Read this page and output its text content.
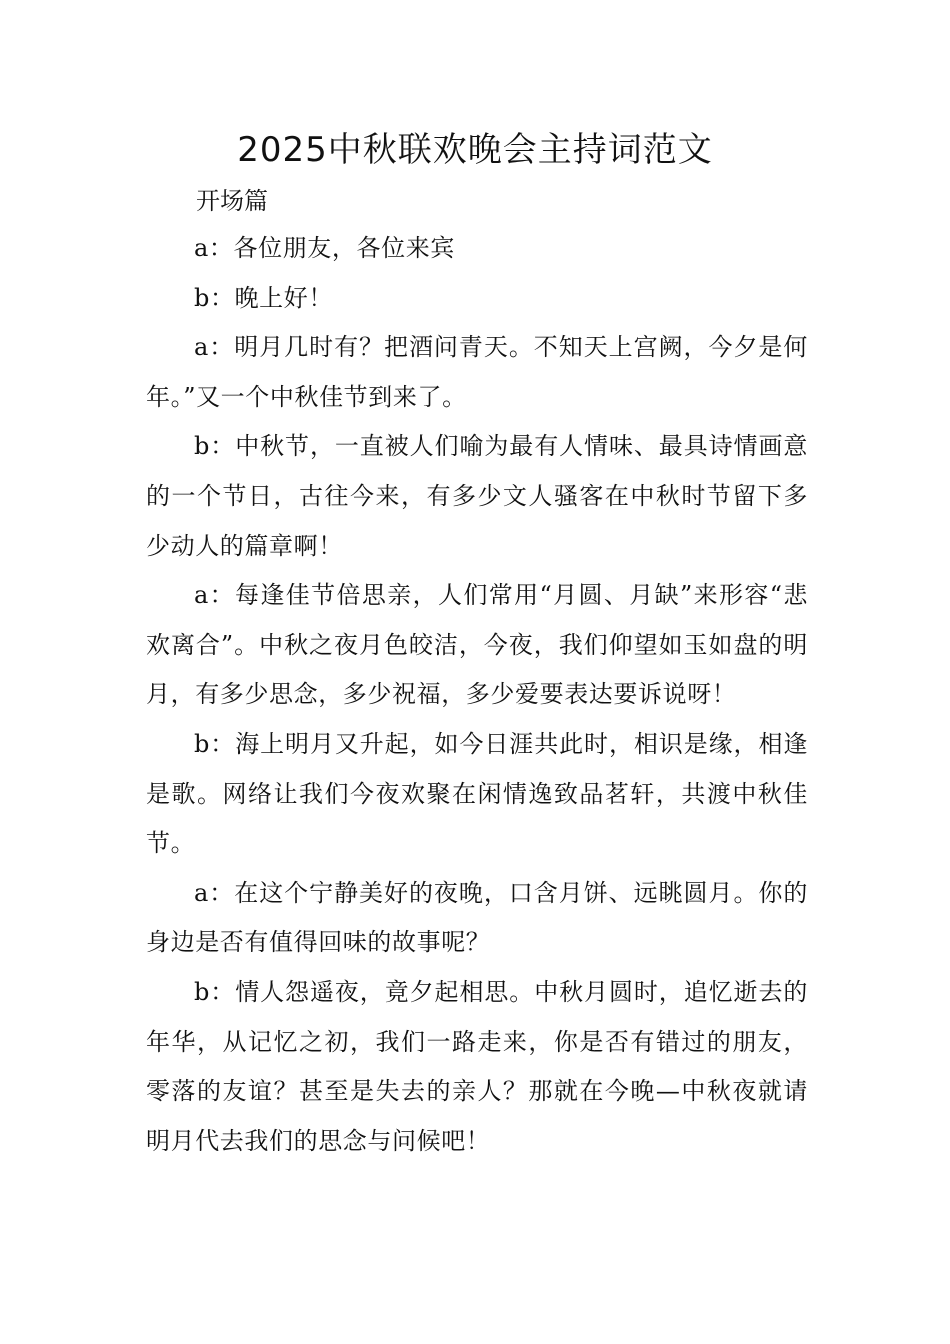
2025中秋联欢晚会主持词范文
开场篇

a：各位朋友，各位来宾

b：晚上好！

a：明月几时有？把酒问青天。不知天上宫阙，今夕是何年。”又一个中秋佳节到来了。

b：中秋节，一直被人们喻为最有人情味、最具诗情画意的一个节日，古往今来，有多少文人骚客在中秋时节留下多少动人的篇章啊！

a：每逢佳节倍思亲，人们常用“月圆、月缺”来形容“悲欢离合”。中秋之夜月色皎洁，今夜，我们仰望如玉如盘的明月，有多少思念，多少祝福，多少爱要表达要诉说呀！

b：海上明月又升起，如今日涯共此时，相识是缘，相逢是歌。网络让我们今夜欢聚在闲情逸致品茗轩，共渡中秋佳节。

a：在这个宁静美好的夜晚，口含月饼、远眺圆月。你的身边是否有值得回味的故事呢？

b：情人怨遥夜，竟夕起相思。中秋月圆时，追忆逝去的年华，从记忆之初，我们一路走来，你是否有错过的朋友，零落的友谊？甚至是失去的亲人？那就在今晚—中秋夜就请明月代去我们的思念与问候吧！
